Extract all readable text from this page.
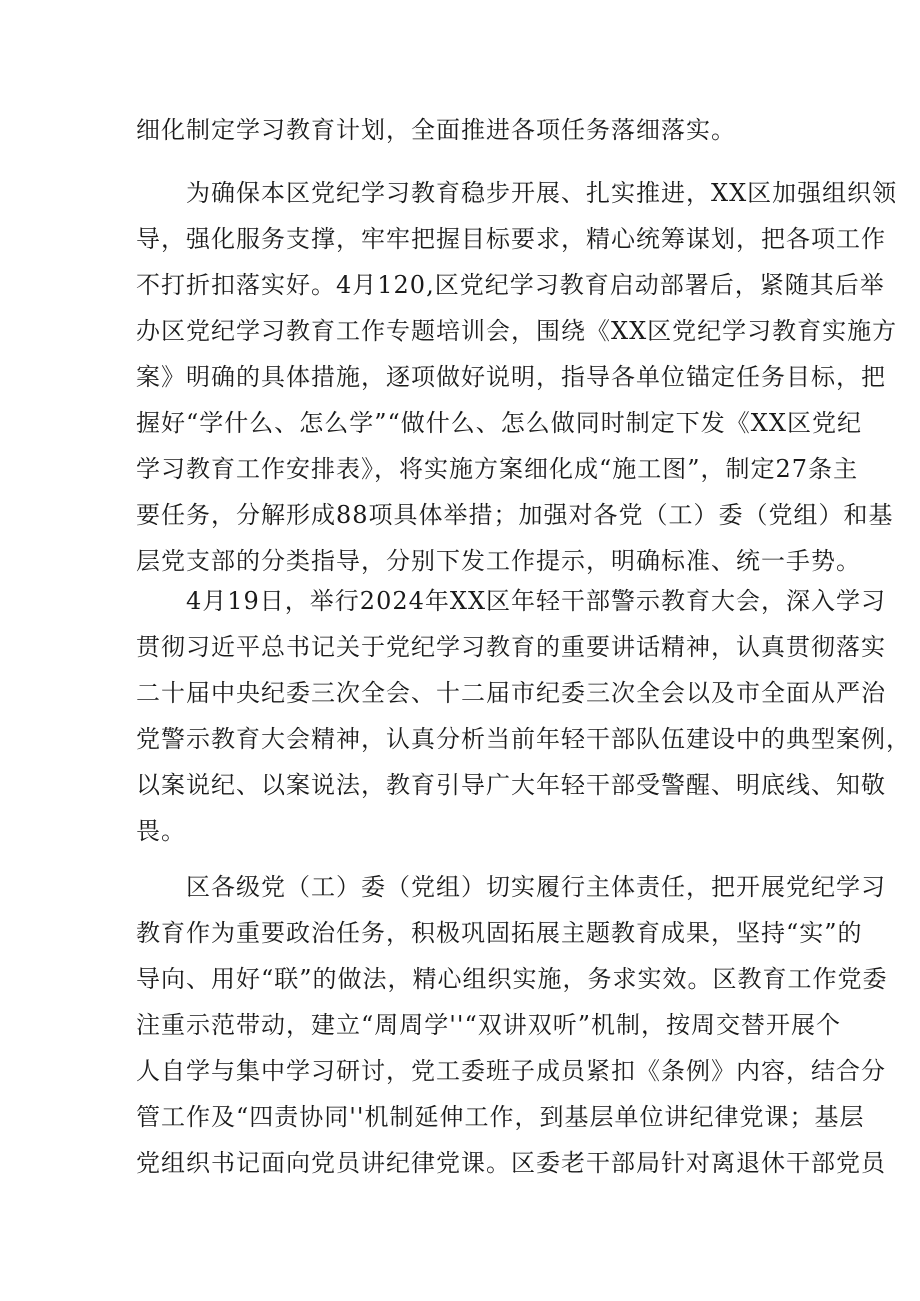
细化制定学习教育计划，全面推进各项任务落细落实。

为确保本区党纪学习教育稳步开展、扎实推进，XX区加强组织领
导，强化服务支撑，牢牢把握目标要求，精心统筹谋划，把各项工作
不打折扣落实好。4月120,区党纪学习教育启动部署后，紧随其后举
办区党纪学习教育工作专题培训会，围绕《XX区党纪学习教育实施方
案》明确的具体措施，逐项做好说明，指导各单位锚定任务目标，把
握好“学什么、怎么学”“做什么、怎么做同时制定下发《XX区党纪
学习教育工作安排表》，将实施方案细化成“施工图”，制定27条主
要任务，分解形成88项具体举措；加强对各党（工）委（党组）和基
层党支部的分类指导，分别下发工作提示，明确标准、统一手势。

4月19日，举行2024年XX区年轻干部警示教育大会，深入学习
贯彻习近平总书记关于党纪学习教育的重要讲话精神，认真贯彻落实
二十届中央纪委三次全会、十二届市纪委三次全会以及市全面从严治
党警示教育大会精神，认真分析当前年轻干部队伍建设中的典型案例，
以案说纪、以案说法，教育引导广大年轻干部受警醒、明底线、知敬
畏。

区各级党（工）委（党组）切实履行主体责任，把开展党纪学习
教育作为重要政治任务，积极巩固拓展主题教育成果，坚持“实”的
导向、用好“联”的做法，精心组织实施，务求实效。区教育工作党委
注重示范带动，建立“周周学''“双讲双听”机制，按周交替开展个
人自学与集中学习研讨，党工委班子成员紧扣《条例》内容，结合分
管工作及“四责协同''机制延伸工作，到基层单位讲纪律党课；基层
党组织书记面向党员讲纪律党课。区委老干部局针对离退休干部党员
